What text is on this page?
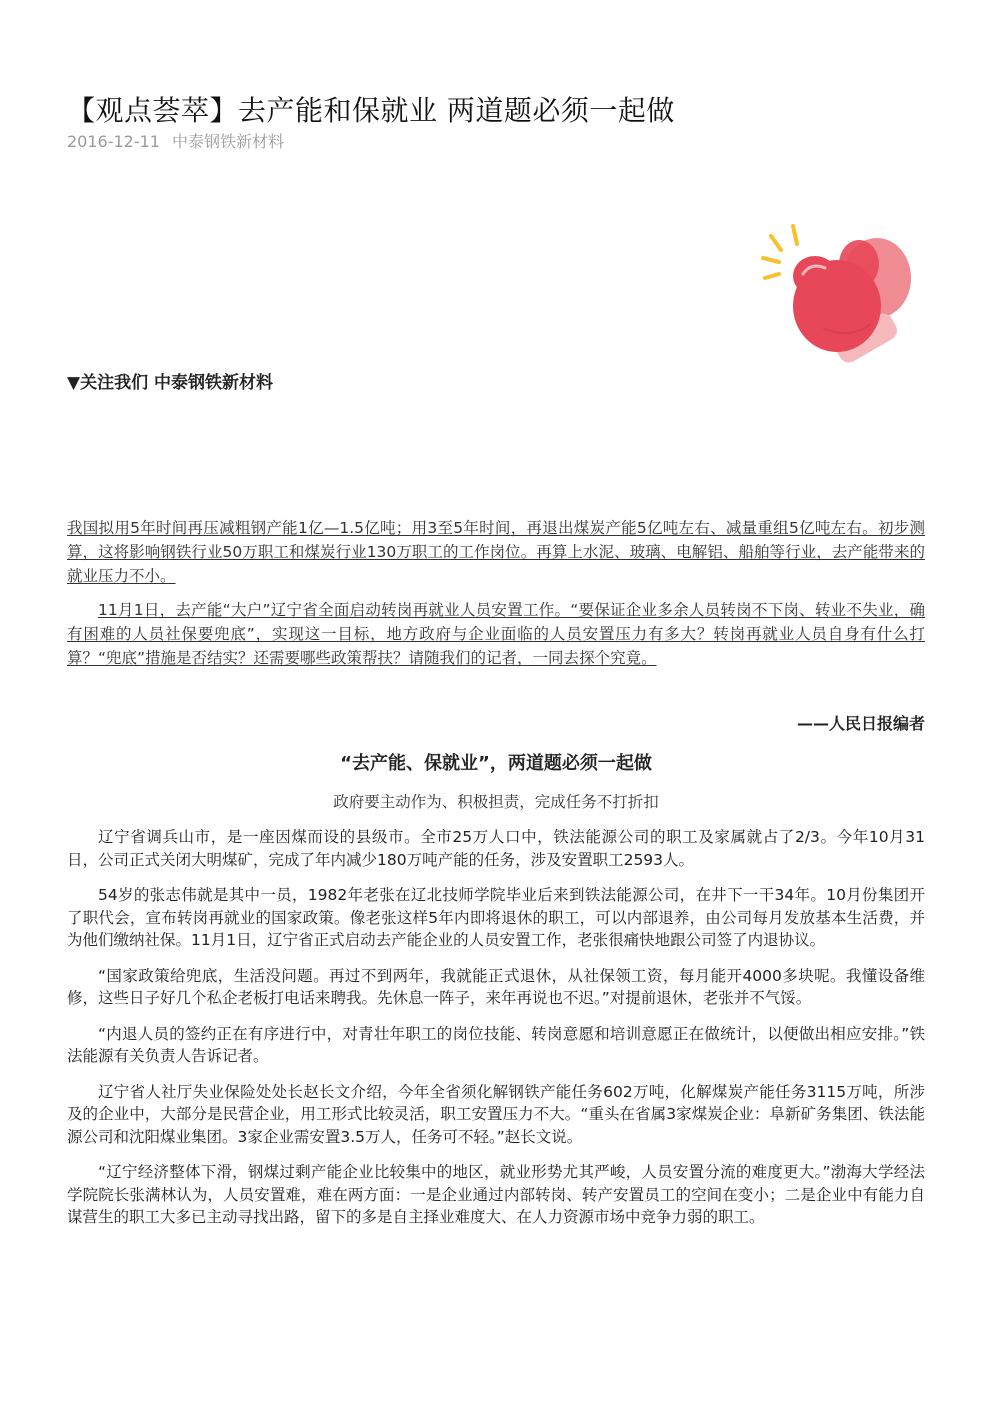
【观点荟萃】去产能和保就业 两道题必须一起做
2016-12-11 中泰钢铁新材料
▼关注我们 中泰钢铁新材料

我国拟用5年时间再压减粗钢产能1亿—1.5亿吨；用3至5年时间，再退出煤炭产能5亿吨左右、减量重组5亿吨左右。初步测算，这将影响钢铁行业50万职工和煤炭行业130万职工的工作岗位。再算上水泥、玻璃、电解铝、船舶等行业，去产能带来的就业压力不小。

11月1日，去产能“大户”辽宁省全面启动转岗再就业人员安置工作。“要保证企业多余人员转岗不下岗、转业不失业，确有困难的人员社保要兜底”，实现这一目标，地方政府与企业面临的人员安置压力有多大？转岗再就业人员自身有什么打算？“兜底”措施是否结实？还需要哪些政策帮扶？请随我们的记者，一同去探个究竟。

——人民日报编者
“去产能、保就业”，两道题必须一起做
政府要主动作为、积极担责，完成任务不打折扣

辽宁省调兵山市，是一座因煤而设的县级市。全市25万人口中，铁法能源公司的职工及家属就占了2/3。今年10月31日，公司正式关闭大明煤矿，完成了年内减少180万吨产能的任务，涉及安置职工2593人。

54岁的张志伟就是其中一员，1982年老张在辽北技师学院毕业后来到铁法能源公司，在井下一干34年。10月份集团开了职代会，宣布转岗再就业的国家政策。像老张这样5年内即将退休的职工，可以内部退养，由公司每月发放基本生活费，并为他们缴纳社保。11月1日，辽宁省正式启动去产能企业的人员安置工作，老张很痛快地跟公司签了内退协议。

“国家政策给兜底，生活没问题。再过不到两年，我就能正式退休，从社保领工资，每月能开4000多块呢。我懂设备维修，这些日子好几个私企老板打电话来聘我。先休息一阵子，来年再说也不迟。”对提前退休，老张并不气馁。

“内退人员的签约正在有序进行中，对青壮年职工的岗位技能、转岗意愿和培训意愿正在做统计，以便做出相应安排。”铁法能源有关负责人告诉记者。

辽宁省人社厅失业保险处处长赵长文介绍，今年全省须化解钢铁产能任务602万吨，化解煤炭产能任务3115万吨，所涉及的企业中，大部分是民营企业，用工形式比较灵活，职工安置压力不大。“重头在省属3家煤炭企业：阜新矿务集团、铁法能源公司和沈阳煤业集团。3家企业需安置3.5万人，任务可不轻。”赵长文说。

“辽宁经济整体下滑，钢煤过剩产能企业比较集中的地区，就业形势尤其严峻，人员安置分流的难度更大。”渤海大学经法学院院长张满林认为，人员安置难，难在两方面：一是企业通过内部转岗、转产安置员工的空间在变小；二是企业中有能力自谋营生的职工大多已主动寻找出路，留下的多是自主择业难度大、在人力资源市场中竞争力弱的职工。
